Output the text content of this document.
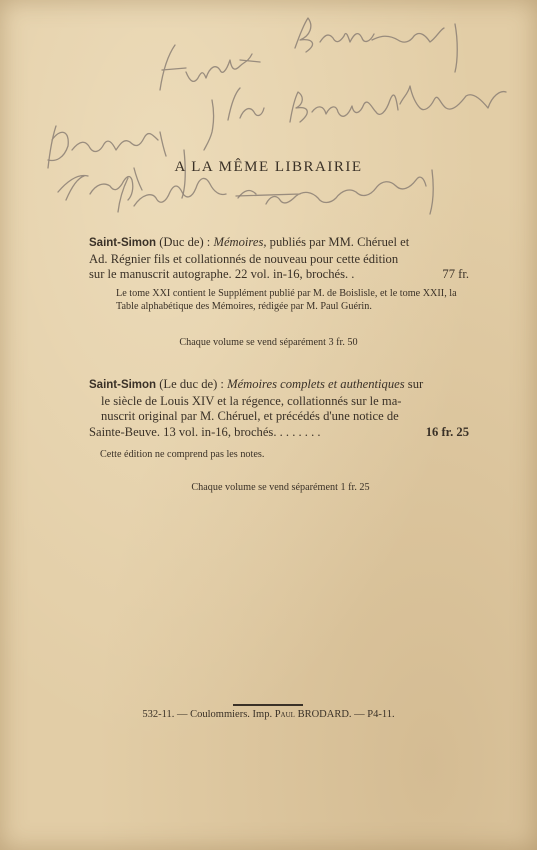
A LA MÊME LIBRAIRIE
Saint-Simon (Duc de) : Mémoires, publiés par MM. Chéruel et
Ad. Régnier fils et collationnés de nouveau pour cette édition
sur le manuscrit autographe. 22 vol. in-16, brochés. .	77 fr.
Le tome XXI contient le Supplément publié par M. de Boislisle, et le tome XXII, la Table alphabétique des Mémoires, rédigée par M. Paul Guérin.
Chaque volume se vend séparément 3 fr. 50
Saint-Simon (Le duc de) : Mémoires complets et authentiques sur
le siècle de Louis XIV et la régence, collationnés sur le ma-
nuscrit original par M. Chéruel, et précédés d'une notice de
Sainte-Beuve. 13 vol. in-16, brochés. . . . . . . .	16 fr. 25
Cette édition ne comprend pas les notes.
Chaque volume se vend séparément 1 fr. 25
532-11. — Coulommiers. Imp. Paul BRODARD. — P4-11.
